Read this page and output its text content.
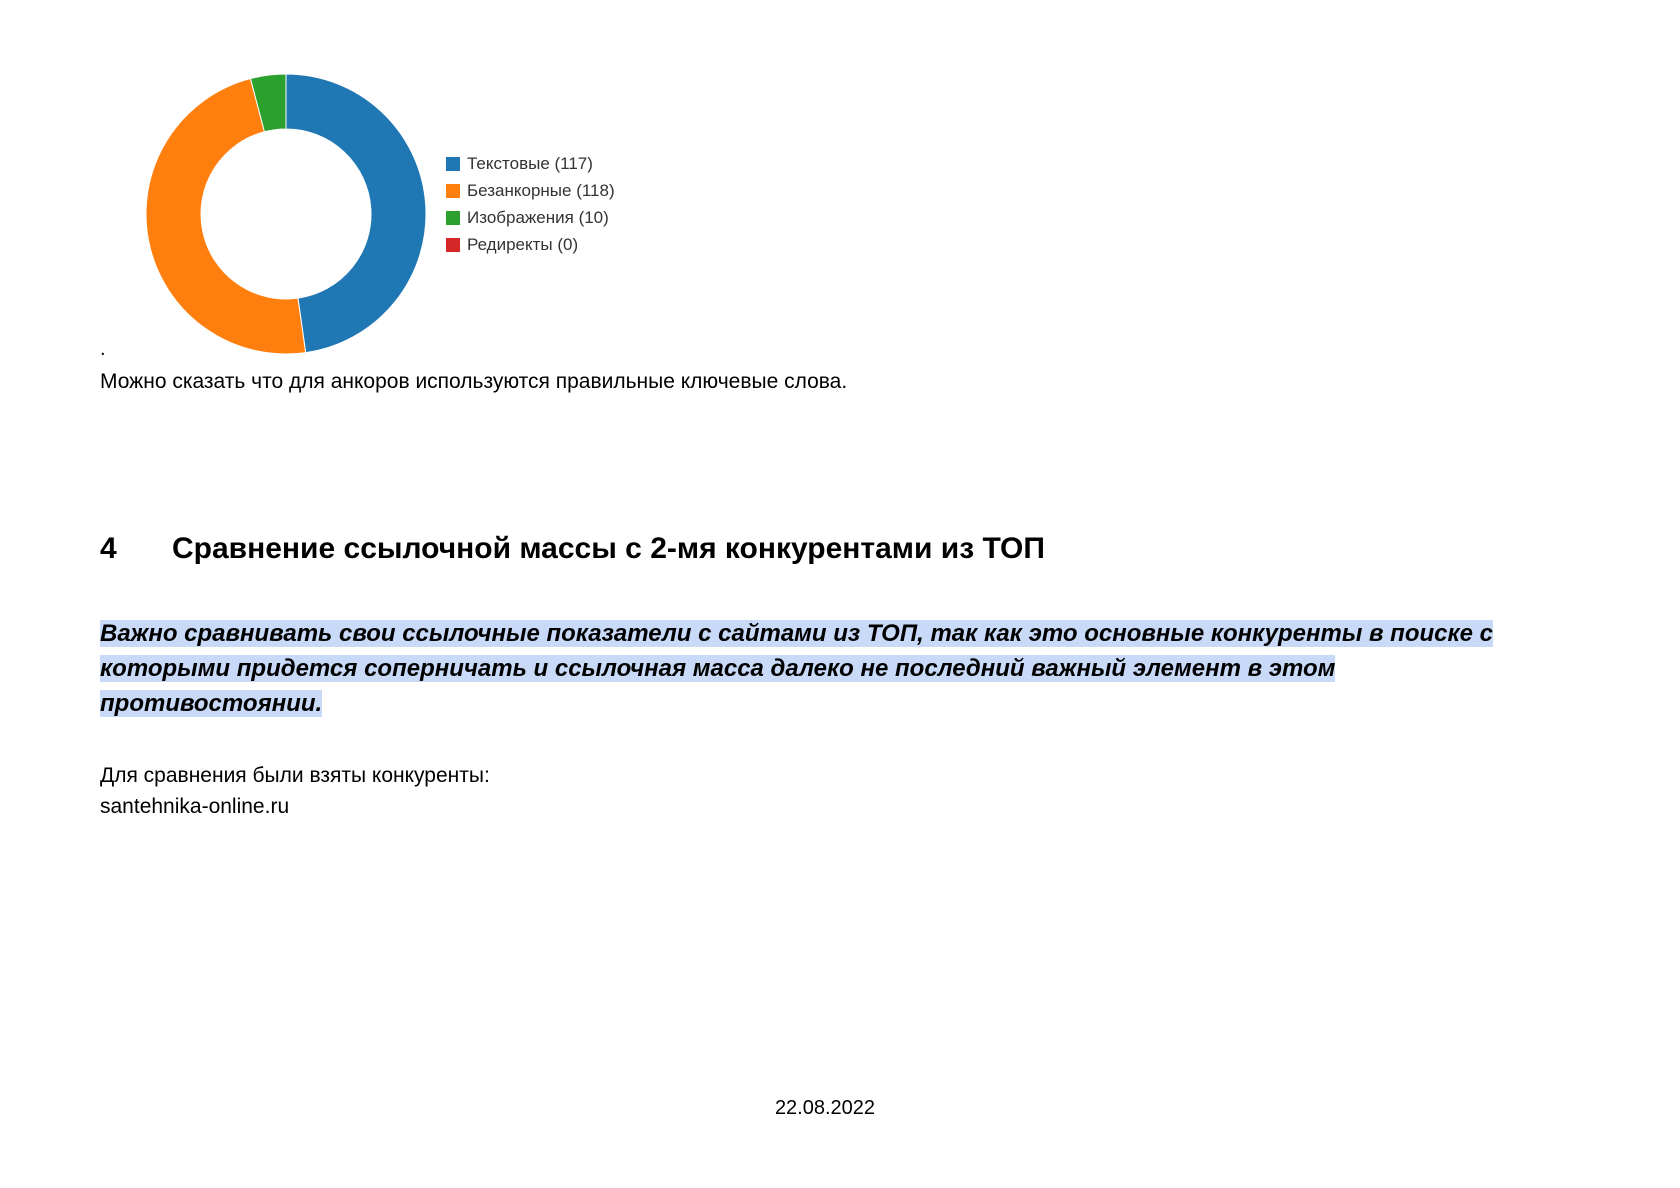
Текстовые (117)
Безанкорные (118)
Изображения (10)
Редиректы (0)
.

Можно сказать что для анкоров используются правильные ключевые слова.

4 Сравнение ссылочной массы с 2-мя конкурентами из ТОП

Важно сравнивать свои ссылочные показатели с сайтами из ТОП, так как это основные конкуренты в поиске с которыми придется соперничать и ссылочная масса далеко не последний важный элемент в этом противостоянии.

Для сравнения были взяты конкуренты:
santehnika-online.ru
22.08.2022
